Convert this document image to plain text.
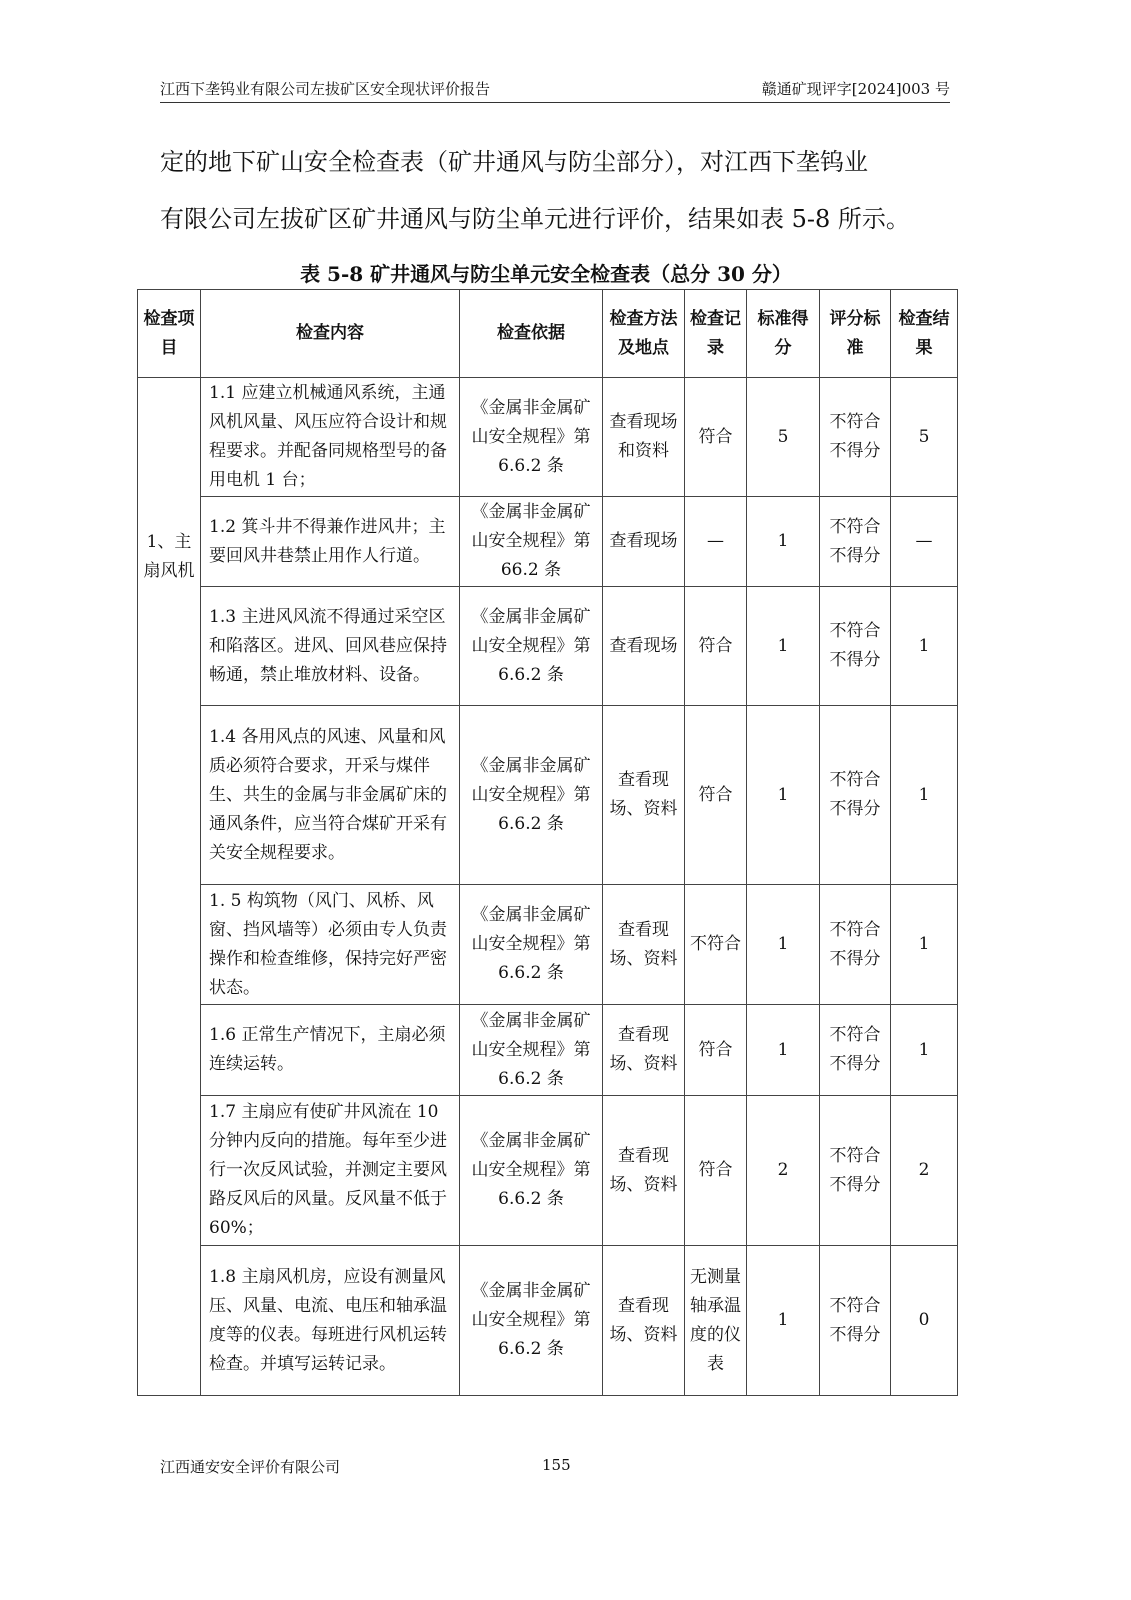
江西下垄钨业有限公司左拔矿区安全现状评价报告	赣通矿现评字[2024]003 号

定的地下矿山安全检查表（矿井通风与防尘部分），对江西下垄钨业

有限公司左拔矿区矿井通风与防尘单元进行评价，结果如表 5-8 所示。

表 5-8 矿井通风与防尘单元安全检查表（总分 30 分）
检查项目	检查内容	检查依据	检查方法及地点	检查记录	标准得分	评分标准	检查结果
1、主扇风机	1.1 应建立机械通风系统，主通风机风量、风压应符合设计和规程要求。并配备同规格型号的备用电机 1 台；	《金属非金属矿山安全规程》第 6.6.2 条	查看现场和资料	符合	5	不符合不得分	5
	1.2 箕斗井不得兼作进风井；主要回风井巷禁止用作人行道。	《金属非金属矿山安全规程》第 66.2 条	查看现场	—	1	不符合不得分	—
	1.3 主进风风流不得通过采空区和陷落区。进风、回风巷应保持畅通，禁止堆放材料、设备。	《金属非金属矿山安全规程》第 6.6.2 条	查看现场	符合	1	不符合不得分	1
	1.4 各用风点的风速、风量和风质必须符合要求，开采与煤伴生、共生的金属与非金属矿床的通风条件，应当符合煤矿开采有关安全规程要求。	《金属非金属矿山安全规程》第 6.6.2 条	查看现场、资料	符合	1	不符合不得分	1
	1. 5 构筑物（风门、风桥、风窗、挡风墙等）必须由专人负责操作和检查维修，保持完好严密状态。	《金属非金属矿山安全规程》第 6.6.2 条	查看现场、资料	不符合	1	不符合不得分	1
	1.6 正常生产情况下，主扇必须连续运转。	《金属非金属矿山安全规程》第 6.6.2 条	查看现场、资料	符合	1	不符合不得分	1
	1.7 主扇应有使矿井风流在 10 分钟内反向的措施。每年至少进行一次反风试验，并测定主要风路反风后的风量。反风量不低于 60%；	《金属非金属矿山安全规程》第 6.6.2 条	查看现场、资料	符合	2	不符合不得分	2
	1.8 主扇风机房，应设有测量风压、风量、电流、电压和轴承温度等的仪表。每班进行风机运转检查。并填写运转记录。	《金属非金属矿山安全规程》第 6.6.2 条	查看现场、资料	无测量轴承温度的仪表	1	不符合不得分	0
江西通安安全评价有限公司	155
